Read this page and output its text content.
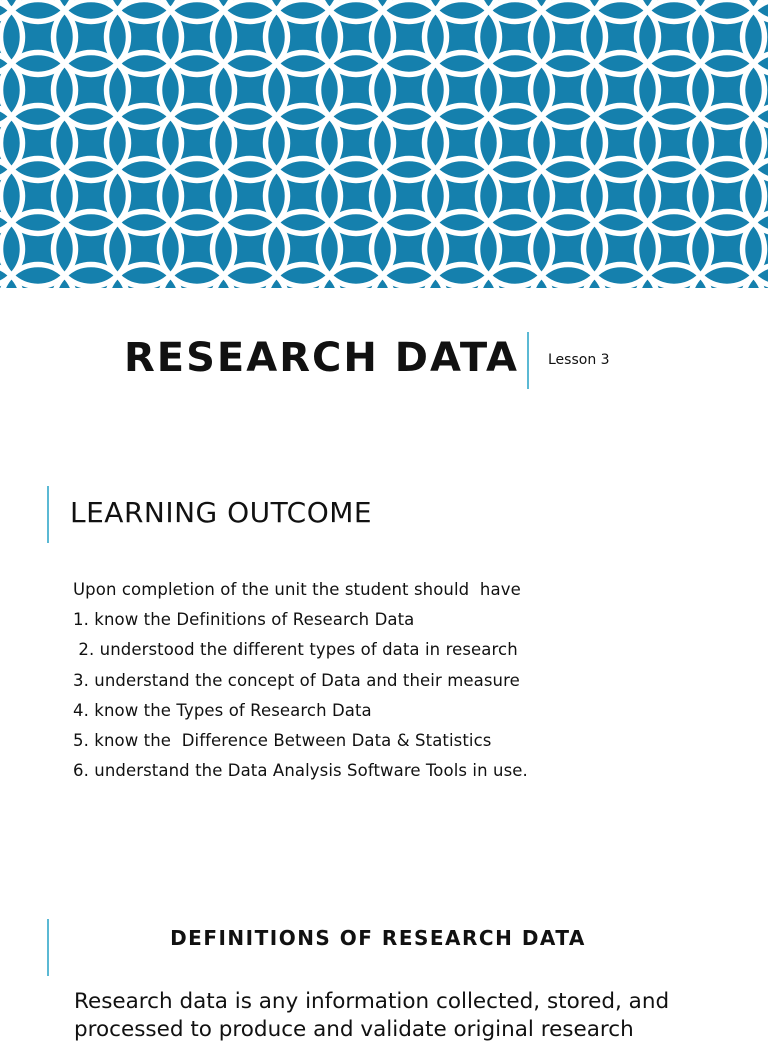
RESEARCH DATA Lesson 3
LEARNING OUTCOME
Upon completion of the unit the student should  have
1. know the Definitions of Research Data
2. understood the different types of data in research
3. understand the concept of Data and their measure
4. know the Types of Research Data
5. know the  Difference Between Data & Statistics
6. understand the Data Analysis Software Tools in use.
DEFINITIONS OF RESEARCH DATA

Research data is any information collected, stored, and processed to produce and validate original research
